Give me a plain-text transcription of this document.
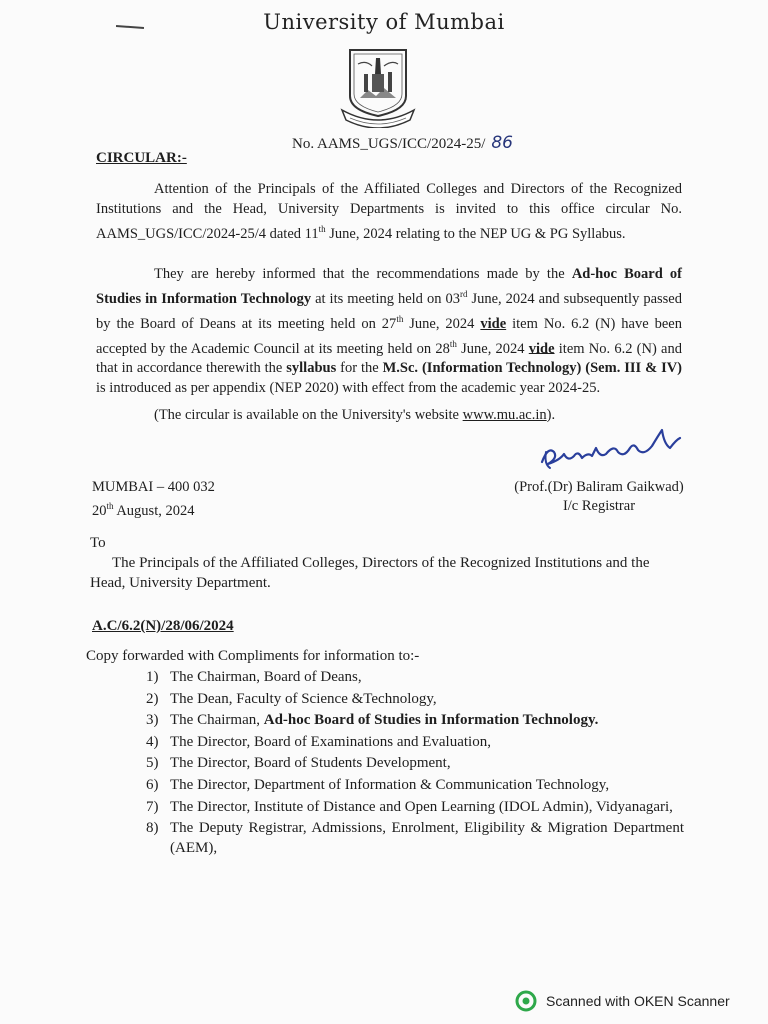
University of Mumbai
No. AAMS_UGS/ICC/2024-25/ 86
CIRCULAR:-

Attention of the Principals of the Affiliated Colleges and Directors of the Recognized Institutions and the Head, University Departments is invited to this office circular No. AAMS_UGS/ICC/2024-25/4 dated 11th June, 2024 relating to the NEP UG & PG Syllabus.

They are hereby informed that the recommendations made by the Ad-hoc Board of Studies in Information Technology at its meeting held on 03rd June, 2024 and subsequently passed by the Board of Deans at its meeting held on 27th June, 2024 vide item No. 6.2 (N) have been accepted by the Academic Council at its meeting held on 28th June, 2024 vide item No. 6.2 (N) and that in accordance therewith the syllabus for the M.Sc. (Information Technology) (Sem. III & IV) is introduced as per appendix (NEP 2020) with effect from the academic year 2024-25.

(The circular is available on the University's website www.mu.ac.in).
MUMBAI – 400 032
20th August, 2024
(Prof.(Dr) Baliram Gaikwad)
I/c Registrar
To

The Principals of the Affiliated Colleges, Directors of the Recognized Institutions and the Head, University Department.

A.C/6.2(N)/28/06/2024
Copy forwarded with Compliments for information to:-
1) The Chairman, Board of Deans,
2) The Dean, Faculty of Science &Technology,
3) The Chairman, Ad-hoc Board of Studies in Information Technology.
4) The Director, Board of Examinations and Evaluation,
5) The Director, Board of Students Development,
6) The Director, Department of Information & Communication Technology,
7) The Director, Institute of Distance and Open Learning (IDOL Admin), Vidyanagari,
8) The Deputy Registrar, Admissions, Enrolment, Eligibility & Migration Department (AEM),
Scanned with OKEN Scanner
